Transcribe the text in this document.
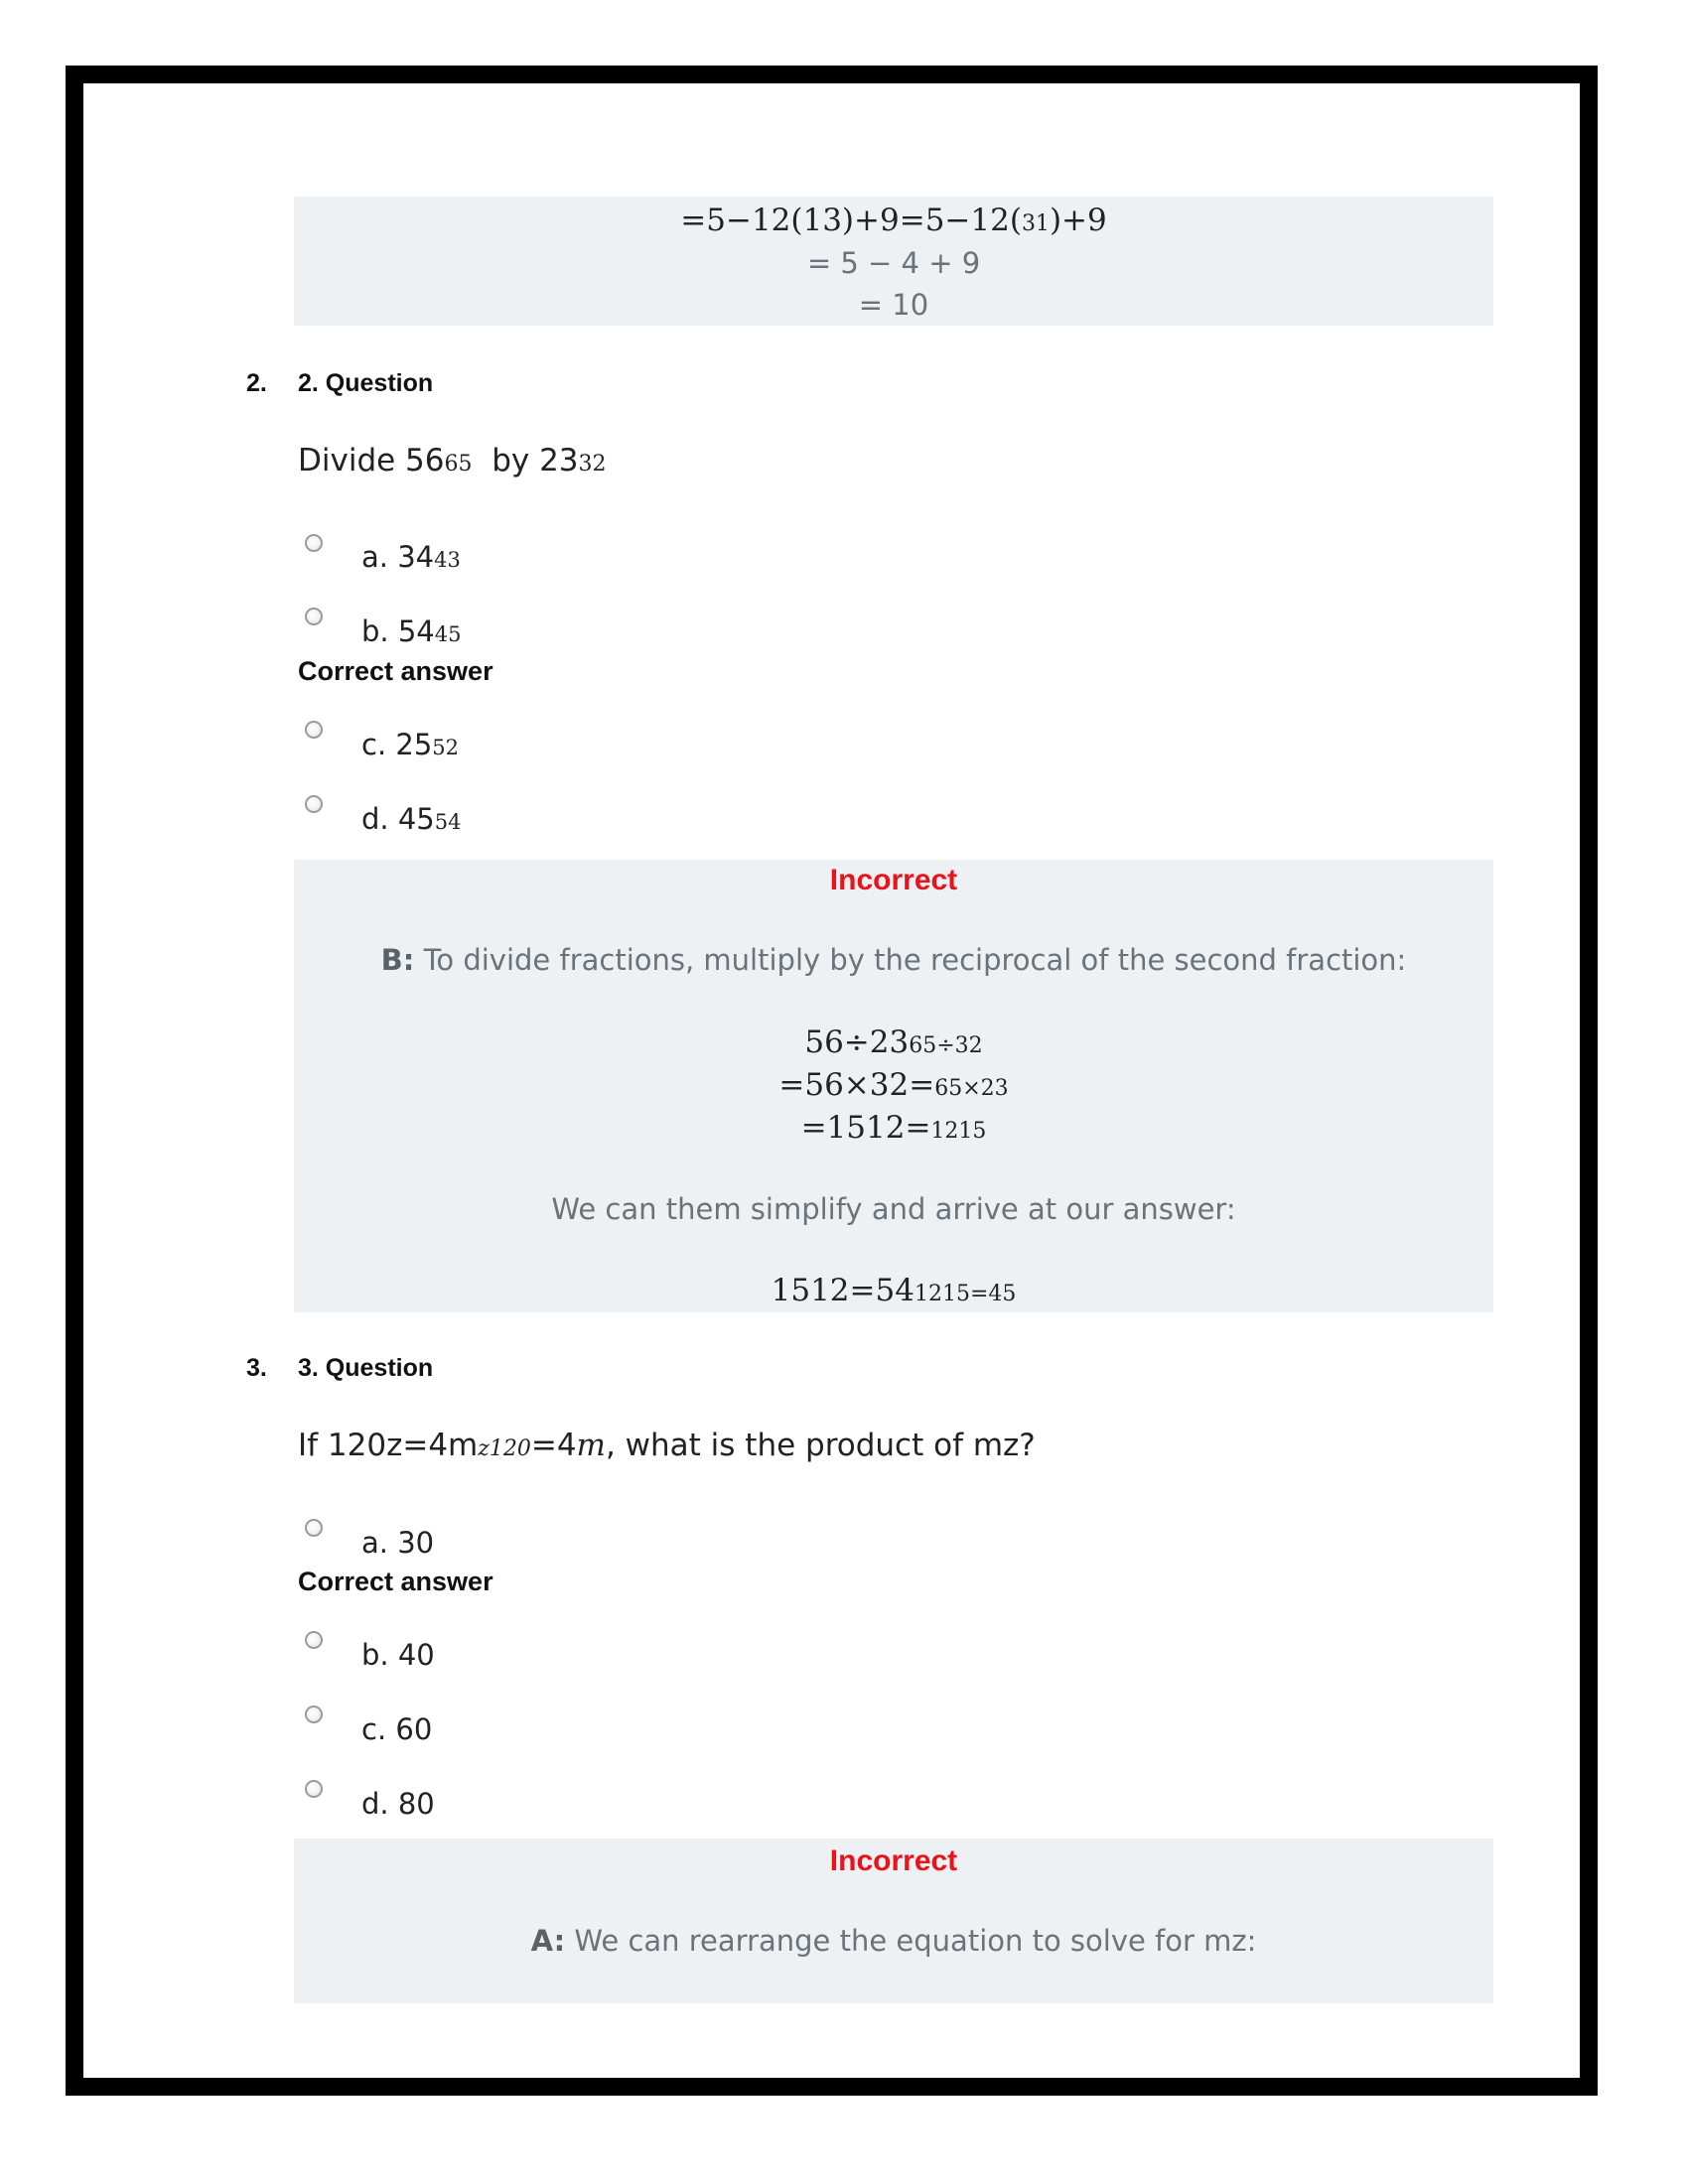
=5−12(13)+9=5−12(31)+9
= 5 − 4 + 9
= 10
2. 2. Question
Divide 5665  by 2332
a. 3443
b. 5445
Correct answer
c. 2552
d. 4554
Incorrect
B: To divide fractions, multiply by the reciprocal of the second fraction:
56÷2365÷32
=56×32=65×23
=1512=1215
We can them simplify and arrive at our answer:
1512=541215=45
3. 3. Question
If 120z=4mz120=4m, what is the product of mz?
a. 30
Correct answer
b. 40
c. 60
d. 80
Incorrect
A: We can rearrange the equation to solve for mz:
